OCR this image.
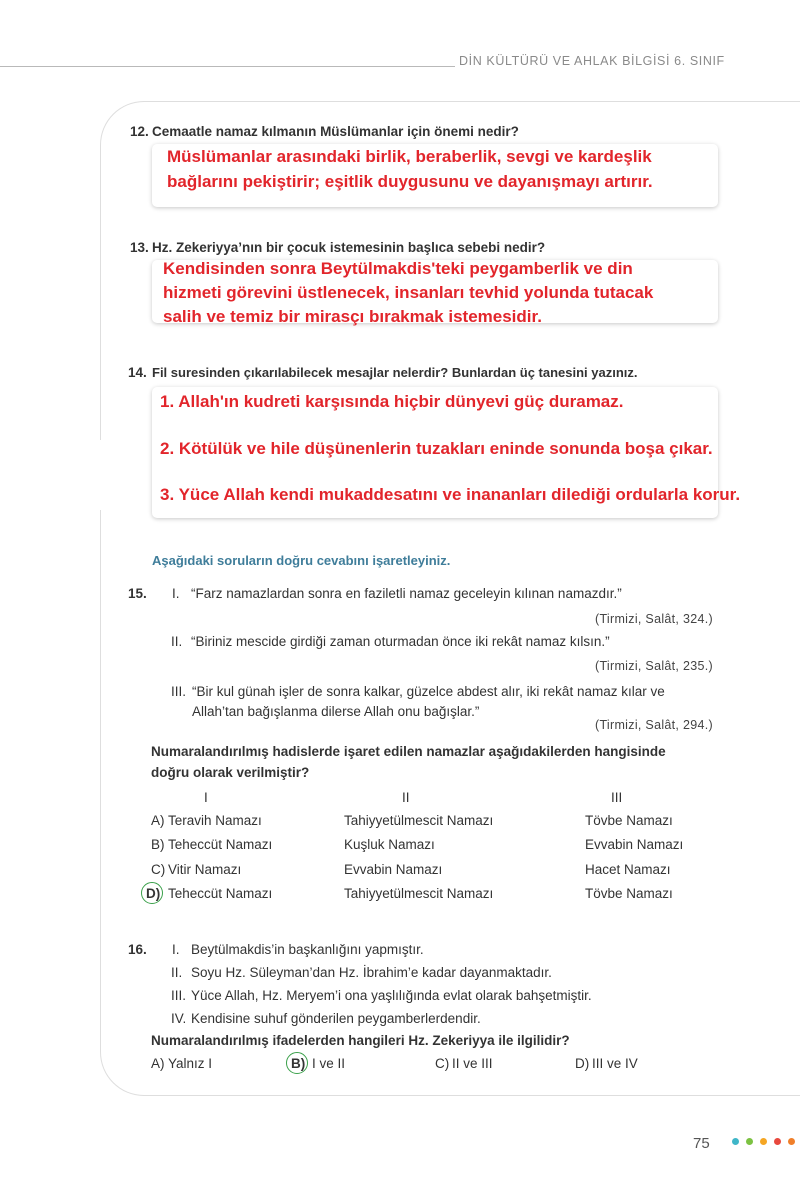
DİN KÜLTÜRÜ VE AHLAK BİLGİSİ 6. SINIF
12. Cemaatle namaz kılmanın Müslümanlar için önemi nedir?
Müslümanlar arasındaki birlik, beraberlik, sevgi ve kardeşlik
bağlarını pekiştirir; eşitlik duygusunu ve dayanışmayı artırır.
13. Hz. Zekeriyya’nın bir çocuk istemesinin başlıca sebebi nedir?
Kendisinden sonra Beytülmakdis'teki peygamberlik ve din
hizmeti görevini üstlenecek, insanları tevhid yolunda tutacak
salih ve temiz bir mirasçı bırakmak istemesidir.
14. Fil suresinden çıkarılabilecek mesajlar nelerdir? Bunlardan üç tanesini yazınız.
1. Allah'ın kudreti karşısında hiçbir dünyevi güç duramaz.
2. Kötülük ve hile düşünenlerin tuzakları eninde sonunda boşa çıkar.
3. Yüce Allah kendi mukaddesatını ve inananları dilediği ordularla korur.
Aşağıdaki soruların doğru cevabını işaretleyiniz.
15. I. “Farz namazlardan sonra en faziletli namaz geceleyin kılınan namazdır.”
(Tirmizi, Salât, 324.)
II. “Biriniz mescide girdiği zaman oturmadan önce iki rekât namaz kılsın.”
(Tirmizi, Salât, 235.)
III. “Bir kul günah işler de sonra kalkar, güzelce abdest alır, iki rekât namaz kılar ve
Allah’tan bağışlanma dilerse Allah onu bağışlar.”
(Tirmizi, Salât, 294.)
Numaralandırılmış hadislerde işaret edilen namazlar aşağıdakilerden hangisinde
doğru olarak verilmiştir?
I	II	III
A) Teravih Namazı	Tahiyyetülmescit Namazı	Tövbe Namazı
B) Teheccüt Namazı	Kuşluk Namazı	Evvabin Namazı
C) Vitir Namazı	Evvabin Namazı	Hacet Namazı
D) Teheccüt Namazı	Tahiyyetülmescit Namazı	Tövbe Namazı
16. I. Beytülmakdis’in başkanlığını yapmıştır.
II. Soyu Hz. Süleyman’dan Hz. İbrahim’e kadar dayanmaktadır.
III. Yüce Allah, Hz. Meryem’i ona yaşlılığında evlat olarak bahşetmiştir.
IV. Kendisine suhuf gönderilen peygamberlerdendir.
Numaralandırılmış ifadelerden hangileri Hz. Zekeriyya ile ilgilidir?
A) Yalnız I	B) I ve II	C) II ve III	D) III ve IV
75
